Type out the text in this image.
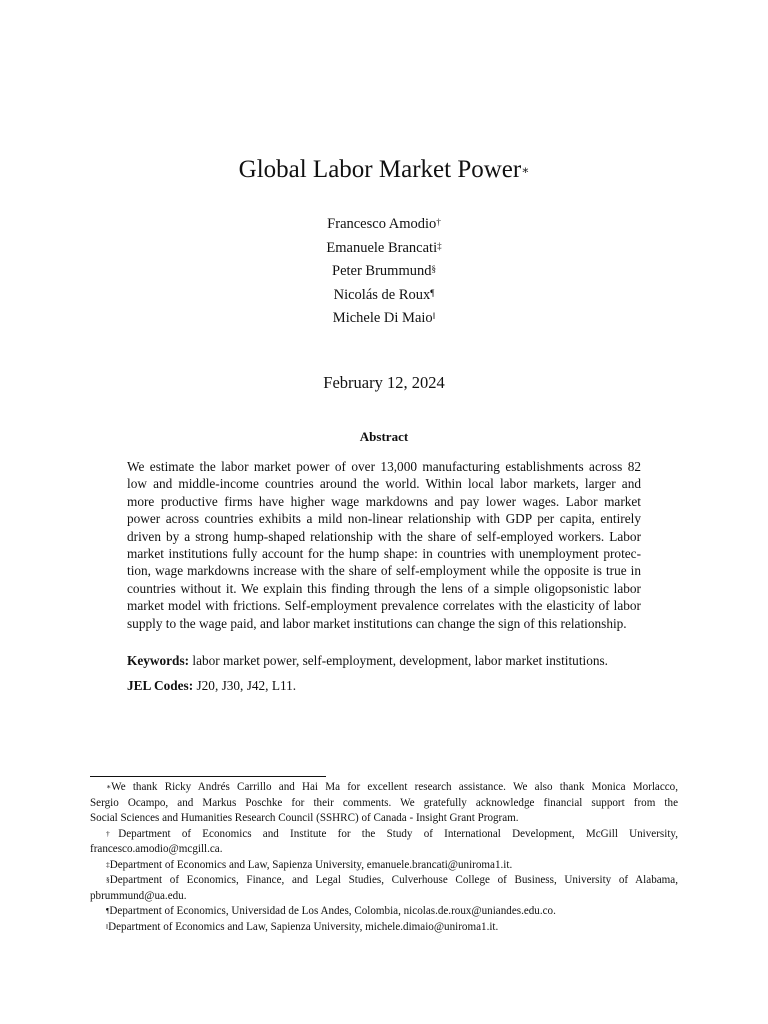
Global Labor Market Power∗
Francesco Amodio†
Emanuele Brancati‡
Peter Brummund§
Nicolás de Roux¶
Michele Di Maio‖
February 12, 2024
Abstract
We estimate the labor market power of over 13,000 manufacturing establishments across 82
low and middle-income countries around the world. Within local labor markets, larger and
more productive firms have higher wage markdowns and pay lower wages. Labor market
power across countries exhibits a mild non-linear relationship with GDP per capita, entirely
driven by a strong hump-shaped relationship with the share of self-employed workers. Labor
market institutions fully account for the hump shape: in countries with unemployment protec-
tion, wage markdowns increase with the share of self-employment while the opposite is true in
countries without it. We explain this finding through the lens of a simple oligopsonistic labor
market model with frictions. Self-employment prevalence correlates with the elasticity of labor
supply to the wage paid, and labor market institutions can change the sign of this relationship.
Keywords: labor market power, self-employment, development, labor market institutions.
JEL Codes: J20, J30, J42, L11.
∗We thank Ricky Andrés Carrillo and Hai Ma for excellent research assistance. We also thank Monica Morlacco,
Sergio Ocampo, and Markus Poschke for their comments. We gratefully acknowledge financial support from the
Social Sciences and Humanities Research Council (SSHRC) of Canada - Insight Grant Program.
†Department of Economics and Institute for the Study of International Development, McGill University,
francesco.amodio@mcgill.ca.
‡Department of Economics and Law, Sapienza University, emanuele.brancati@uniroma1.it.
§Department of Economics, Finance, and Legal Studies, Culverhouse College of Business, University of Alabama,
pbrummund@ua.edu.
¶Department of Economics, Universidad de Los Andes, Colombia, nicolas.de.roux@uniandes.edu.co.
‖Department of Economics and Law, Sapienza University, michele.dimaio@uniroma1.it.
